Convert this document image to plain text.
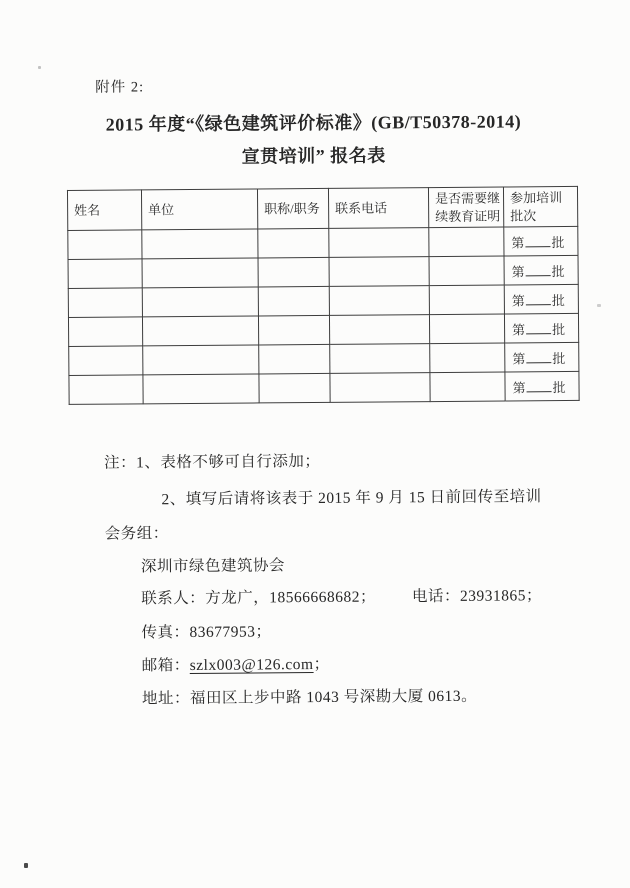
附件 2:
2015 年度“《绿色建筑评价标准》(GB/T50378-2014)
宣贯培训” 报名表
姓名	单位	职称/职务	联系电话	是否需要继续教育证明	参加培训批次
					第 批
					第 批
					第 批
					第 批
					第 批
					第 批
注：1、表格不够可自行添加；
2、填写后请将该表于 2015 年 9 月 15 日前回传至培训
会务组：
深圳市绿色建筑协会
联系人：方龙广，18566668682； 电话：23931865；
传真：83677953；
邮箱：szlx003@126.com；
地址：福田区上步中路 1043 号深勘大厦 0613。
